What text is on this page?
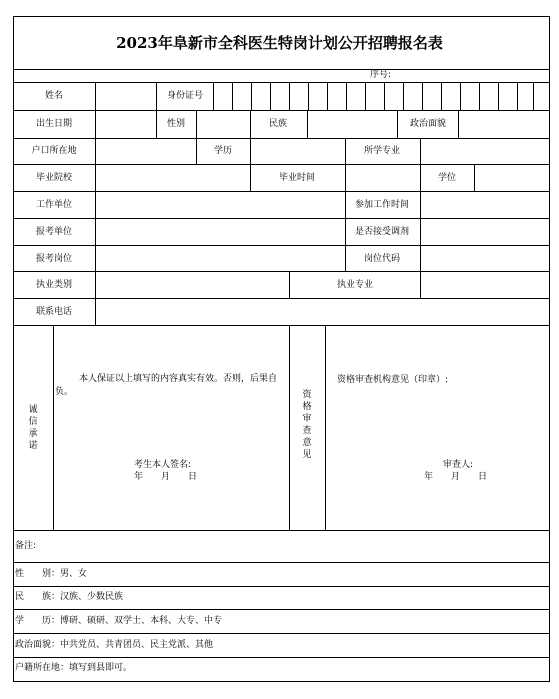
2023年阜新市全科医生特岗计划公开招聘报名表
序号:
姓名	身份证号
出生日期	性别	民族	政治面貌
户口所在地	学历	所学专业
毕业院校	毕业时间	学位
工作单位	参加工作时间
报考单位	是否接受调剂
报考岗位	岗位代码
执业类别	执业专业
联系电话
诚信承诺
本人保证以上填写的内容真实有效。否则，后果自负。
考生本人签名:
年　　月　　日
资格审查意见
资格审查机构意见（印章）:
审查人:
年　　月　　日
备注:
性　　别：男、女
民　　族：汉族、少数民族
学　　历：博研、硕研、双学士、本科、大专、中专
政治面貌：中共党员、共青团员、民主党派、其他
户籍所在地：填写到县即可。
